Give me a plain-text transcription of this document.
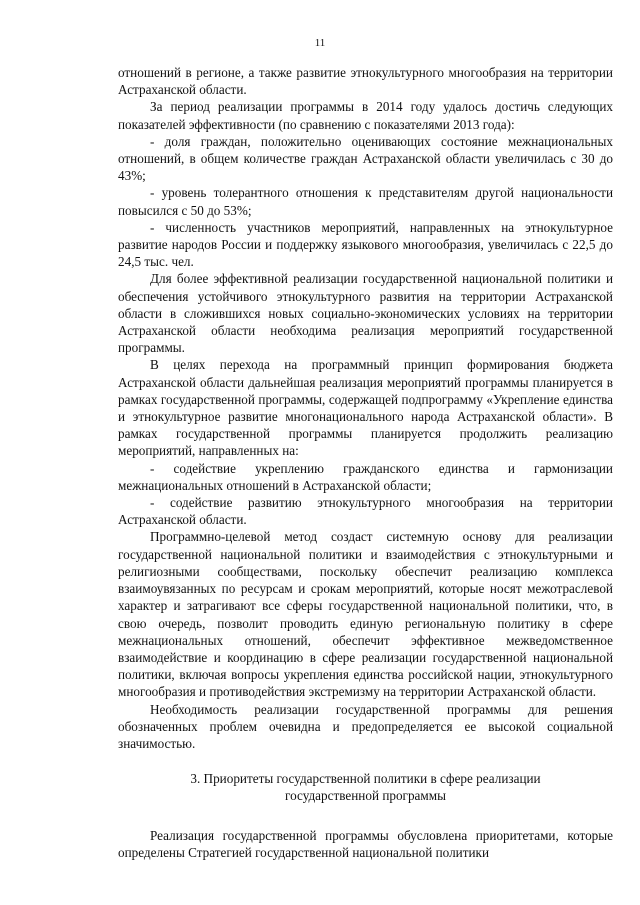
11

отношений в регионе, а также развитие этнокультурного многообразия на территории Астраханской области.

За период реализации программы в 2014 году удалось достичь следующих показателей эффективности (по сравнению с показателями 2013 года):

- доля граждан, положительно оценивающих состояние межнациональных отношений, в общем количестве граждан Астраханской области увеличилась с 30 до 43%;

- уровень толерантного отношения к представителям другой национальности повысился с 50 до 53%;

- численность участников мероприятий, направленных на этнокультурное развитие народов России и поддержку языкового многообразия, увеличилась с 22,5 до 24,5 тыс. чел.

Для более эффективной реализации государственной национальной политики и обеспечения устойчивого этнокультурного развития на территории Астраханской области в сложившихся новых социально-экономических условиях на территории Астраханской области необходима реализация мероприятий государственной программы.

В целях перехода на программный принцип формирования бюджета Астраханской области дальнейшая реализация мероприятий программы планируется в рамках государственной программы, содержащей подпрограмму «Укрепление единства и этнокультурное развитие многонационального народа Астраханской области». В рамках государственной программы планируется продолжить реализацию мероприятий, направленных на:

- содействие укреплению гражданского единства и гармонизации межнациональных отношений в Астраханской области;

- содействие развитию этнокультурного многообразия на территории Астраханской области.

Программно-целевой метод создаст системную основу для реализации государственной национальной политики и взаимодействия с этнокультурными и религиозными сообществами, поскольку обеспечит реализацию комплекса взаимоувязанных по ресурсам и срокам мероприятий, которые носят межотраслевой характер и затрагивают все сферы государственной национальной политики, что, в свою очередь, позволит проводить единую региональную политику в сфере межнациональных отношений, обеспечит эффективное межведомственное взаимодействие и координацию в сфере реализации государственной национальной политики, включая вопросы укрепления единства российской нации, этнокультурного многообразия и противодействия экстремизму на территории Астраханской области.

Необходимость реализации государственной программы для решения обозначенных проблем очевидна и предопределяется ее высокой социальной значимостью.

3. Приоритеты государственной политики в сфере реализации
государственной программы

Реализация государственной программы обусловлена приоритетами, которые определены Стратегией государственной национальной политики
